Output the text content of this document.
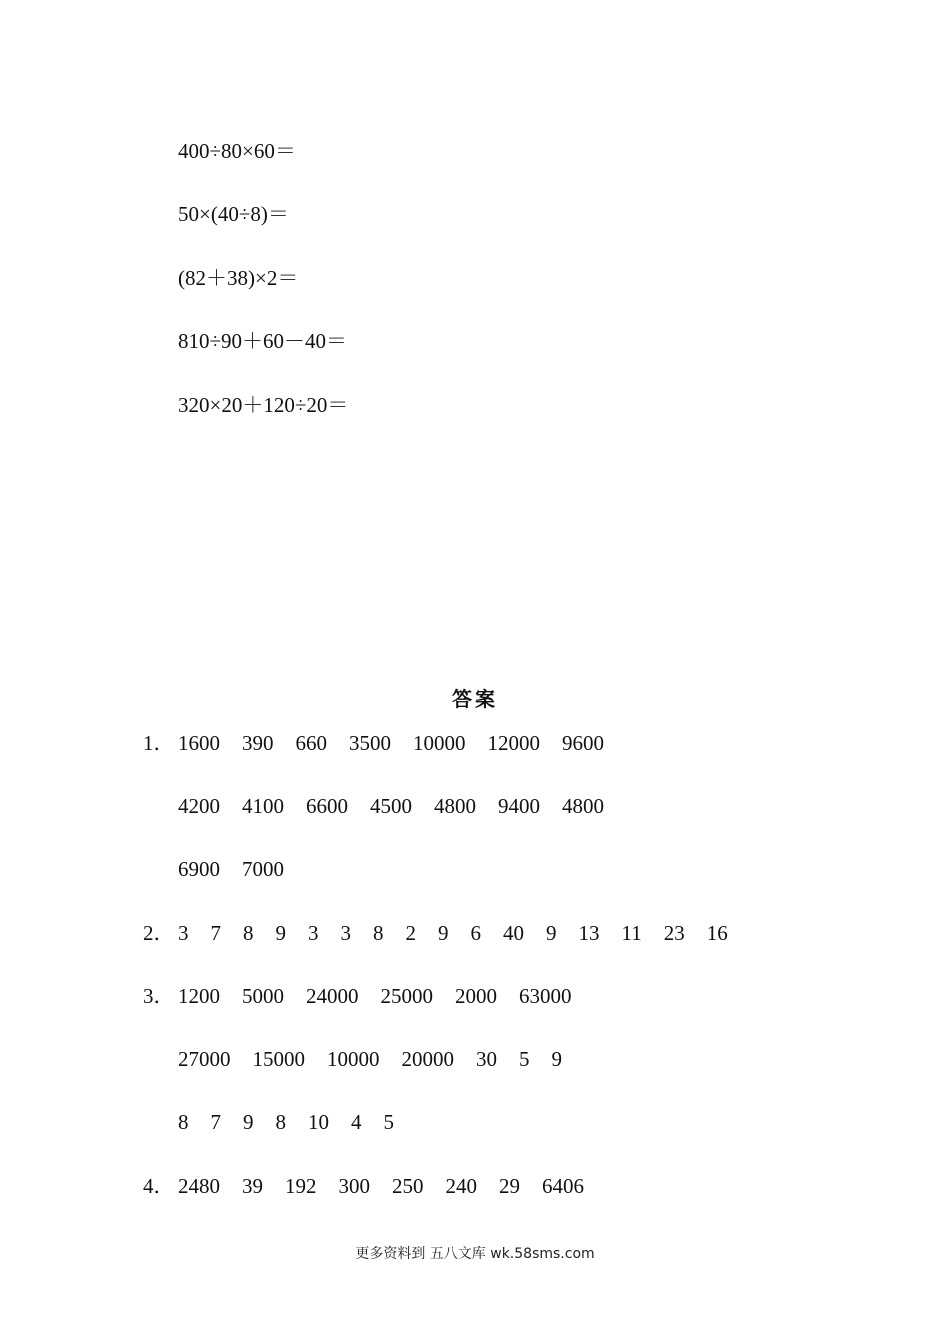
400÷80×60＝
50×(40÷8)＝
(82＋38)×2＝
810÷90＋60－40＝
320×20＋120÷20＝
答案
1． 1600 390 660 3500 10000 12000 9600
4200 4100 6600 4500 4800 9400 4800
6900 7000
2． 3 7 8 9 3 3 8 2 9 6 40 9 13 11 23 16
3． 1200 5000 24000 25000 2000 63000
27000 15000 10000 20000 30 5 9
8 7 9 8 10 4 5
4． 2480 39 192 300 250 240 29 6406
更多资料到 五八文库 wk.58sms.com
